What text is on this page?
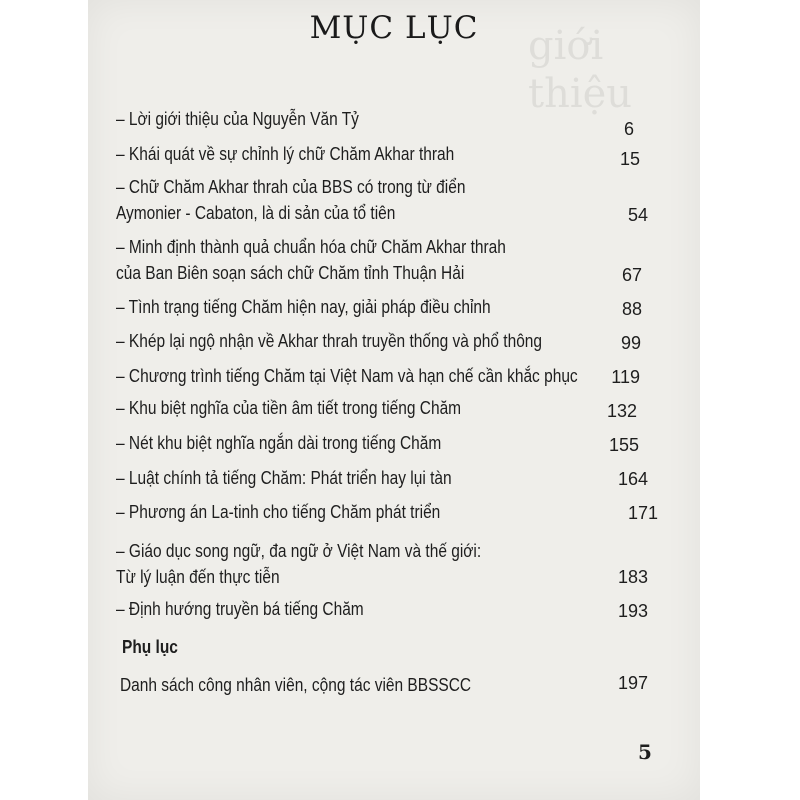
giới
thiệu
MỤC LỤC
– Lời giới thiệu của Nguyễn Văn Tỷ	6
– Khái quát về sự chỉnh lý chữ Chăm Akhar thrah	15
– Chữ Chăm Akhar thrah của BBS có trong từ điển
Aymonier - Cabaton, là di sản của tổ tiên	54
– Minh định thành quả chuẩn hóa chữ Chăm Akhar thrah
của Ban Biên soạn sách chữ Chăm tỉnh Thuận Hải	67
– Tình trạng tiếng Chăm hiện nay, giải pháp điều chỉnh	88
– Khép lại ngộ nhận về Akhar thrah truyền thống và phổ thông	99
– Chương trình tiếng Chăm tại Việt Nam và hạn chế cần khắc phục	119
– Khu biệt nghĩa của tiền âm tiết trong tiếng Chăm	132
– Nét khu biệt nghĩa ngắn dài trong tiếng Chăm	155
– Luật chính tả tiếng Chăm: Phát triển hay lụi tàn	164
– Phương án La-tinh cho tiếng Chăm phát triển	171
– Giáo dục song ngữ, đa ngữ ở Việt Nam và thế giới:
Từ lý luận đến thực tiễn	183
– Định hướng truyền bá tiếng Chăm	193
Phụ lục
Danh sách công nhân viên, cộng tác viên BBSSCC	197
5
